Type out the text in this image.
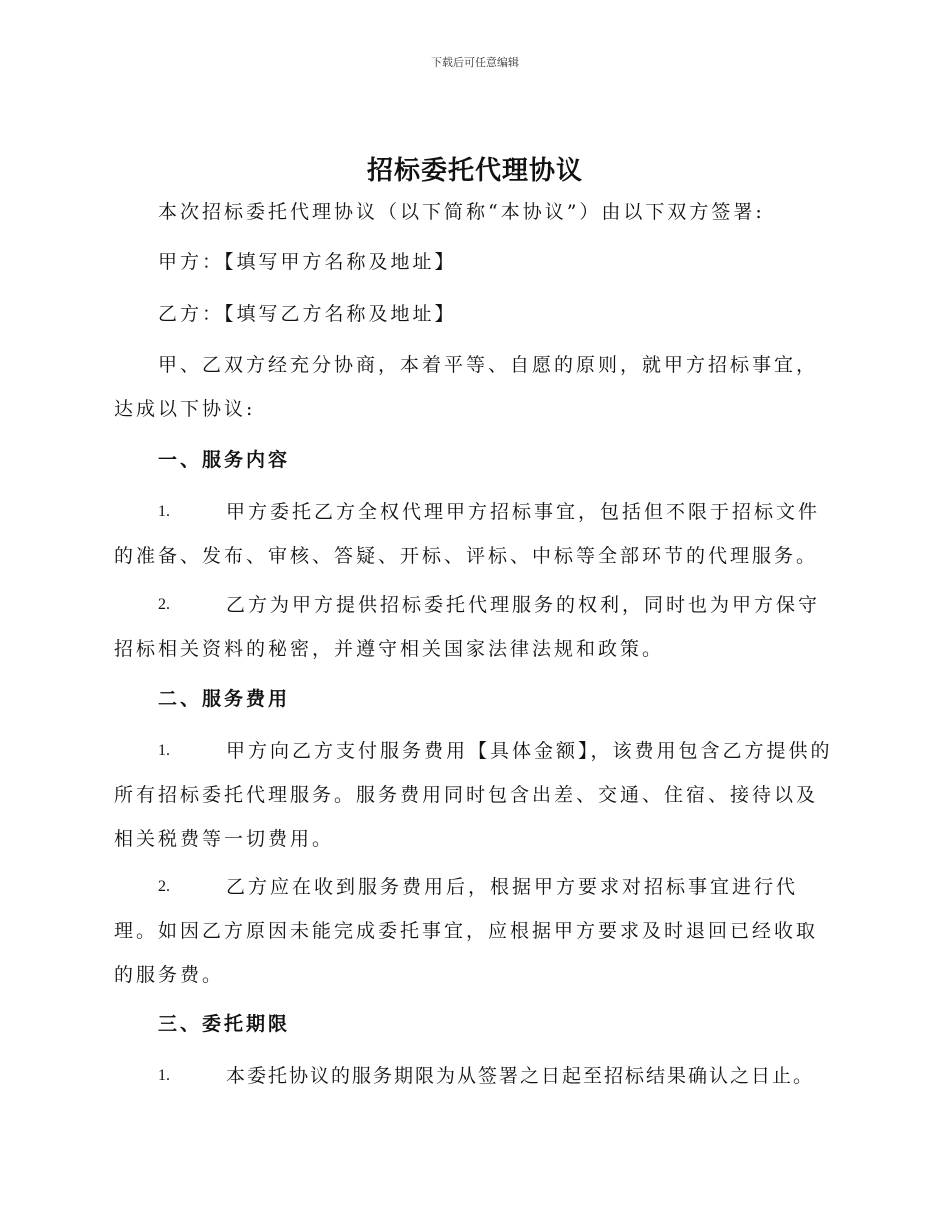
下载后可任意编辑
招标委托代理协议

本次招标委托代理协议（以下简称“本协议”）由以下双方签署:

甲方：【填写甲方名称及地址】

乙方：【填写乙方名称及地址】

甲、乙双方经充分协商，本着平等、自愿的原则，就甲方招标事宜，达成以下协议:

一、服务内容

1.	甲方委托乙方全权代理甲方招标事宜，包括但不限于招标文件的准备、发布、审核、答疑、开标、评标、中标等全部环节的代理服务。

2.	乙方为甲方提供招标委托代理服务的权利，同时也为甲方保守招标相关资料的秘密，并遵守相关国家法律法规和政策。

二、服务费用

1.	甲方向乙方支付服务费用【具体金额】，该费用包含乙方提供的所有招标委托代理服务。服务费用同时包含出差、交通、住宿、接待以及相关税费等一切费用。

2.	乙方应在收到服务费用后，根据甲方要求对招标事宜进行代理。如因乙方原因未能完成委托事宜，应根据甲方要求及时退回已经收取的服务费。

三、委托期限

1.	本委托协议的服务期限为从签署之日起至招标结果确认之日止。
